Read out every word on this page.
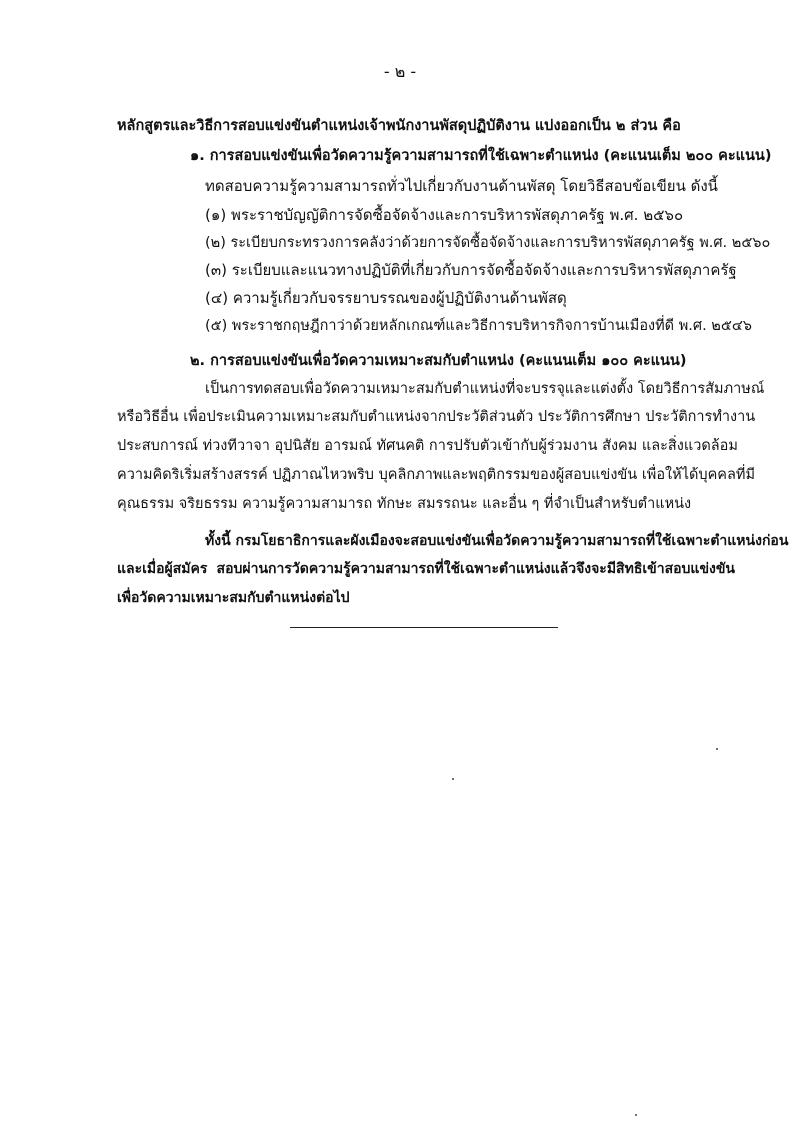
- ๒ -
หลักสูตรและวิธีการสอบแข่งขันตำแหน่งเจ้าพนักงานพัสดุปฏิบัติงาน แบ่งออกเป็น ๒ ส่วน คือ
๑. การสอบแข่งขันเพื่อวัดความรู้ความสามารถที่ใช้เฉพาะตำแหน่ง (คะแนนเต็ม ๒๐๐ คะแนน)
ทดสอบความรู้ความสามารถทั่วไปเกี่ยวกับงานด้านพัสดุ โดยวิธีสอบข้อเขียน ดังนี้
(๑) พระราชบัญญัติการจัดซื้อจัดจ้างและการบริหารพัสดุภาครัฐ พ.ศ. ๒๕๖๐
(๒) ระเบียบกระทรวงการคลังว่าด้วยการจัดซื้อจัดจ้างและการบริหารพัสดุภาครัฐ พ.ศ. ๒๕๖๐
(๓) ระเบียบและแนวทางปฏิบัติที่เกี่ยวกับการจัดซื้อจัดจ้างและการบริหารพัสดุภาครัฐ
(๔) ความรู้เกี่ยวกับจรรยาบรรณของผู้ปฏิบัติงานด้านพัสดุ
(๕) พระราชกฤษฎีกาว่าด้วยหลักเกณฑ์และวิธีการบริหารกิจการบ้านเมืองที่ดี พ.ศ. ๒๕๔๖
๒. การสอบแข่งขันเพื่อวัดความเหมาะสมกับตำแหน่ง (คะแนนเต็ม ๑๐๐ คะแนน)
เป็นการทดสอบเพื่อวัดความเหมาะสมกับตำแหน่งที่จะบรรจุและแต่งตั้ง โดยวิธีการสัมภาษณ์
หรือวิธีอื่น เพื่อประเมินความเหมาะสมกับตำแหน่งจากประวัติส่วนตัว ประวัติการศึกษา ประวัติการทำงาน
ประสบการณ์ ท่วงทีวาจา อุปนิสัย อารมณ์ ทัศนคติ การปรับตัวเข้ากับผู้ร่วมงาน สังคม และสิ่งแวดล้อม
ความคิดริเริ่มสร้างสรรค์ ปฏิภาณไหวพริบ บุคลิกภาพและพฤติกรรมของผู้สอบแข่งขัน เพื่อให้ได้บุคคลที่มี
คุณธรรม จริยธรรม ความรู้ความสามารถ ทักษะ สมรรถนะ และอื่น ๆ ที่จำเป็นสำหรับตำแหน่ง
ทั้งนี้ กรมโยธาธิการและผังเมืองจะสอบแข่งขันเพื่อวัดความรู้ความสามารถที่ใช้เฉพาะตำแหน่งก่อน
และเมื่อผู้สมัคร สอบผ่านการวัดความรู้ความสามารถที่ใช้เฉพาะตำแหน่งแล้วจึงจะมีสิทธิเข้าสอบแข่งขัน
เพื่อวัดความเหมาะสมกับตำแหน่งต่อไป
